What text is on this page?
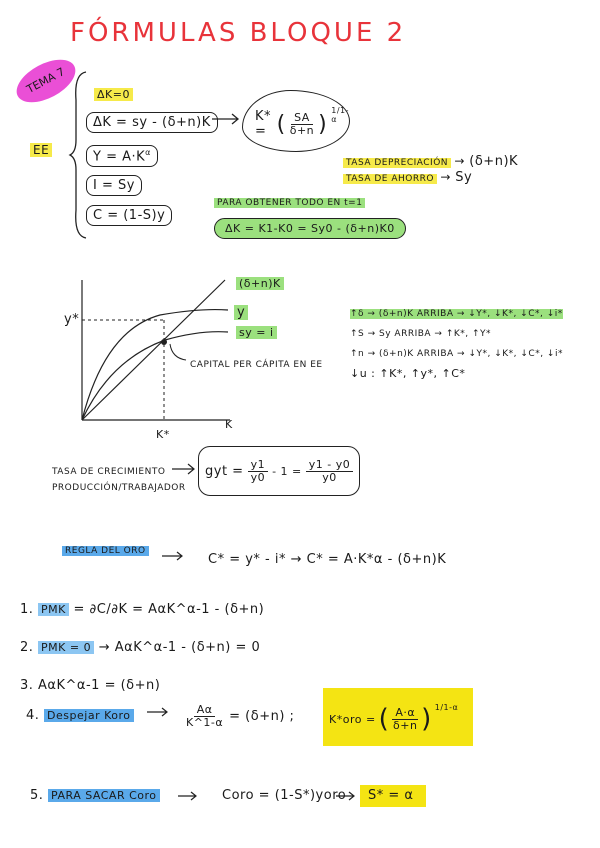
FÓRMULAS BLOQUE 2
TEMA 7
EE
ΔK=0
ΔK = sy - (δ+n)K
$Y = A\cdot K^\alpha$
I = Sy
C = (1-S)y
K* = ( $\frac{SA}{\delta+n}$ )
$^{1/1-\alpha}$
TASA DEPRECIACIÓN → (δ+n)K
TASA DE AHORRO → Sy
PARA OBTENER TODO EN t=1
ΔK = K1-K0 = Sy0 - (δ+n)K0
(δ+n)K
y
sy = i
y*
K
K*
CAPITAL PER CÁPITA EN EE
↑δ → (δ+n)K ARRIBA → ↓Y*, ↓K*, ↓C*, ↓i*
↑S → Sy ARRIBA → ↑K*, ↑Y*
↑n → (δ+n)K ARRIBA → ↓Y*, ↓K*, ↓C*, ↓i*
↓u : ↑K*, ↑y*, ↑C*
TASA DE CRECIMIENTO
PRODUCCIÓN/TRABAJADOR
gyt = $\frac{y1}{y0} - 1 = \frac{y1 - y0}{y0}$
REGLA DEL ORO
C* = y* - i* → C* = A·K*α - (δ+n)K
1. PMK = ∂C/∂K = AαK^α-1 - (δ+n)
2. PMK = 0 → AαK^α-1 - (δ+n) = 0
3. AαK^α-1 = (δ+n)
4. Despejar Koro	$\frac{A\alpha}{K\^{}1-\alpha} = (\delta+n)$ ;	K*oro = ( $\frac{A\cdot\alpha}{\delta+n}$ ) $^{1/1-\alpha}$
5. PARA SACAR Coro	Coro = (1-S*)yoro S* = α
